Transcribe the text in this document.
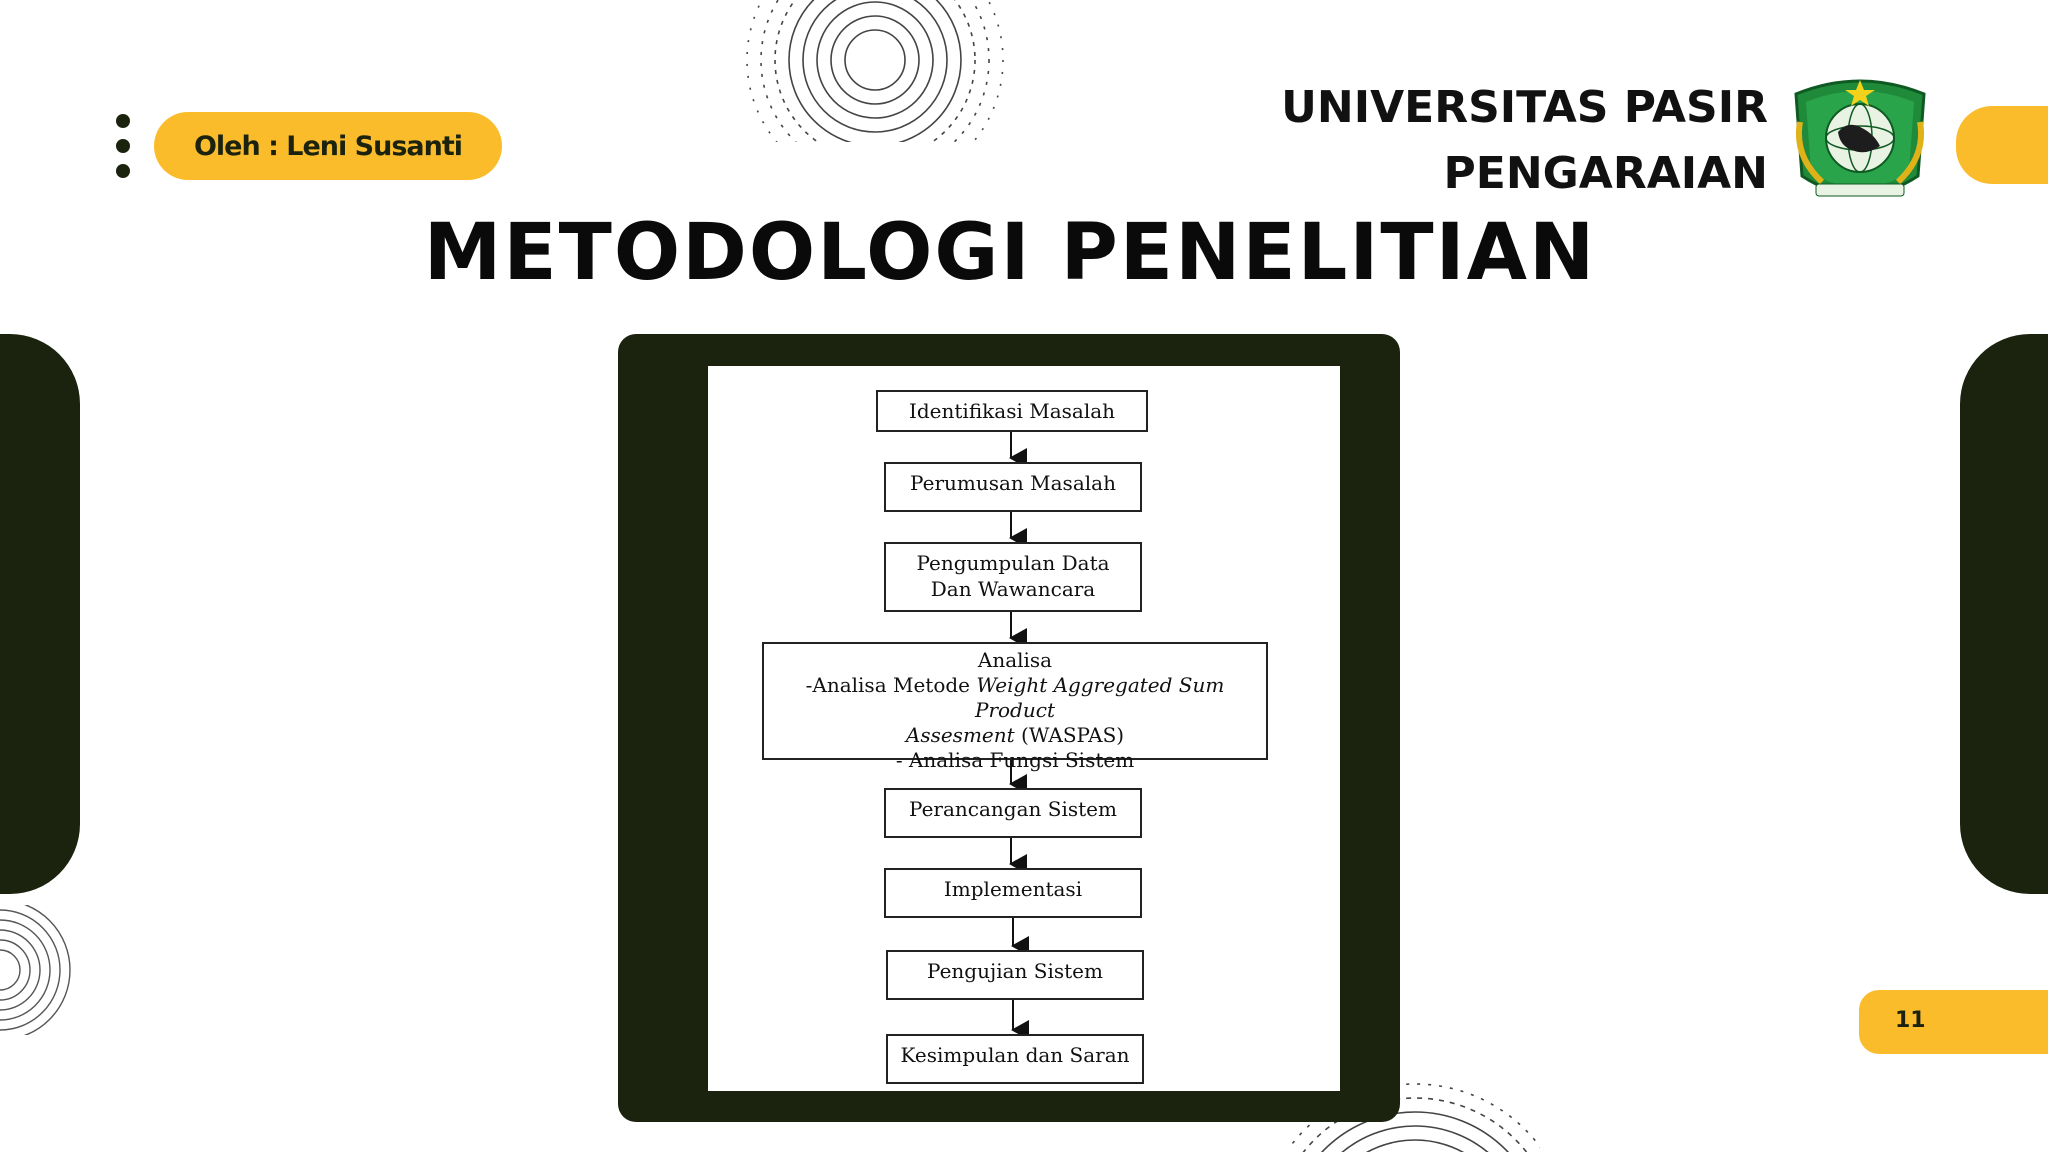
Oleh : Leni Susanti
UNIVERSITAS PASIR
PENGARAIAN
METODOLOGI PENELITIAN
Identifikasi Masalah
Perumusan Masalah
Pengumpulan Data
Dan Wawancara
Analisa
-Analisa Metode Weight Aggregated Sum Product
Assesment (WASPAS)
- Analisa Fungsi Sistem
Perancangan Sistem
Implementasi
Pengujian Sistem
Kesimpulan dan Saran
11
